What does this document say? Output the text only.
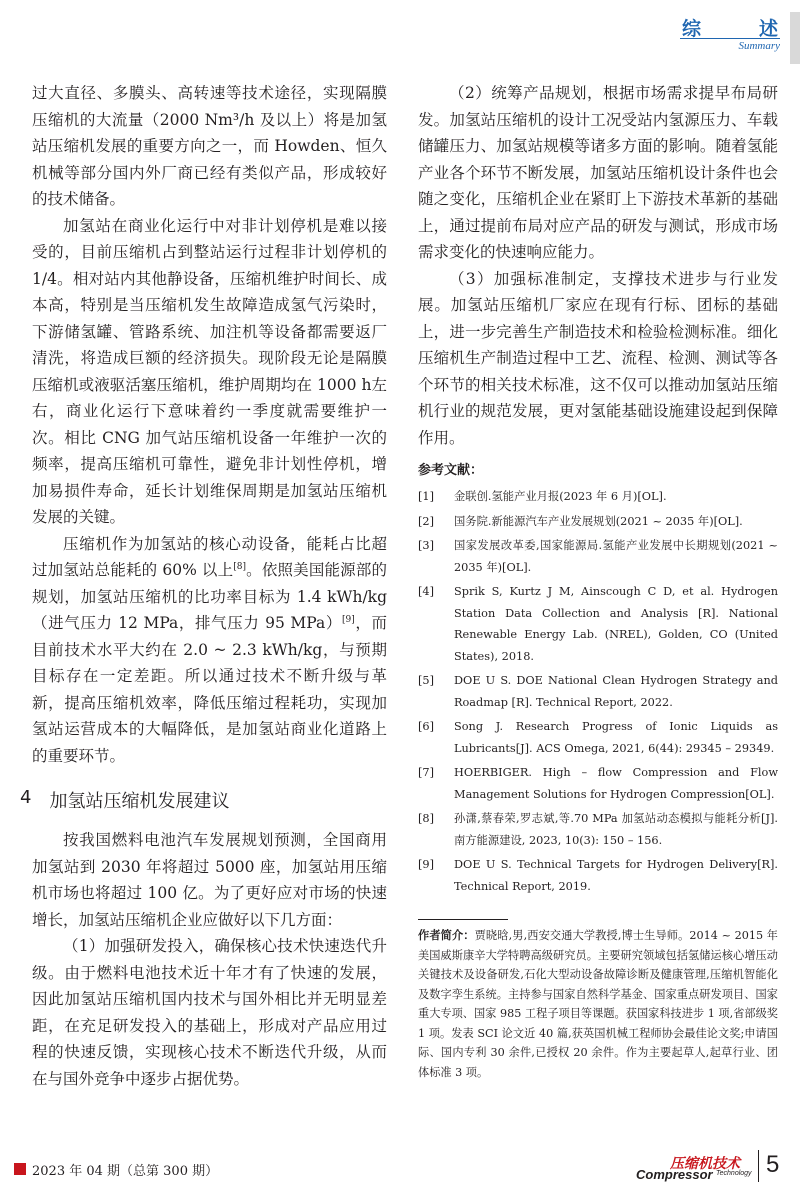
综	述
Summary

过大直径、多膜头、高转速等技术途径，实现隔膜压缩机的大流量（2000 Nm³/h 及以上）将是加氢站压缩机发展的重要方向之一，而 Howden、恒久机械等部分国内外厂商已经有类似产品，形成较好的技术储备。

加氢站在商业化运行中对非计划停机是难以接受的，目前压缩机占到整站运行过程非计划停机的 1/4。相对站内其他静设备，压缩机维护时间长、成本高，特别是当压缩机发生故障造成氢气污染时，下游储氢罐、管路系统、加注机等设备都需要返厂清洗，将造成巨额的经济损失。现阶段无论是隔膜压缩机或液驱活塞压缩机，维护周期均在 1000 h左右，商业化运行下意味着约一季度就需要维护一次。相比 CNG 加气站压缩机设备一年维护一次的频率，提高压缩机可靠性，避免非计划性停机，增加易损件寿命，延长计划维保周期是加氢站压缩机发展的关键。

压缩机作为加氢站的核心动设备，能耗占比超过加氢站总能耗的 60% 以上[8]。依照美国能源部的规划，加氢站压缩机的比功率目标为 1.4 kWh/kg（进气压力 12 MPa，排气压力 95 MPa）[9]，而目前技术水平大约在 2.0 ~ 2.3 kWh/kg，与预期目标存在一定差距。所以通过技术不断升级与革新，提高压缩机效率，降低压缩过程耗功，实现加氢站运营成本的大幅降低，是加氢站商业化道路上的重要环节。

4 加氢站压缩机发展建议

按我国燃料电池汽车发展规划预测，全国商用加氢站到 2030 年将超过 5000 座，加氢站用压缩机市场也将超过 100 亿。为了更好应对市场的快速增长，加氢站压缩机企业应做好以下几方面：

（1）加强研发投入，确保核心技术快速迭代升级。由于燃料电池技术近十年才有了快速的发展，因此加氢站压缩机国内技术与国外相比并无明显差距，在充足研发投入的基础上，形成对产品应用过程的快速反馈，实现核心技术不断迭代升级，从而在与国外竞争中逐步占据优势。

（2）统筹产品规划，根据市场需求提早布局研发。加氢站压缩机的设计工况受站内氢源压力、车载储罐压力、加氢站规模等诸多方面的影响。随着氢能产业各个环节不断发展，加氢站压缩机设计条件也会随之变化，压缩机企业在紧盯上下游技术革新的基础上，通过提前布局对应产品的研发与测试，形成市场需求变化的快速响应能力。

（3）加强标准制定，支撑技术进步与行业发展。加氢站压缩机厂家应在现有行标、团标的基础上，进一步完善生产制造技术和检验检测标准。细化压缩机生产制造过程中工艺、流程、检测、测试等各个环节的相关技术标准，这不仅可以推动加氢站压缩机行业的规范发展，更对氢能基础设施建设起到保障作用。

参考文献：
[1]	金联创.氢能产业月报(2023 年 6 月)[OL].
[2]	国务院.新能源汽车产业发展规划(2021 ~ 2035 年)[OL].
[3]	国家发展改革委,国家能源局.氢能产业发展中长期规划(2021 ~ 2035 年)[OL].
[4]	Sprik S, Kurtz J M, Ainscough C D, et al. Hydrogen Station Data Collection and Analysis [R]. National Renewable Energy Lab. (NREL), Golden, CO (United States), 2018.
[5]	DOE U S. DOE National Clean Hydrogen Strategy and Roadmap [R]. Technical Report, 2022.
[6]	Song J. Research Progress of Ionic Liquids as Lubricants[J]. ACS Omega, 2021, 6(44): 29345 – 29349.
[7]	HOERBIGER. High – flow Compression and Flow Management Solutions for Hydrogen Compression[OL].
[8]	孙潇,蔡春荣,罗志斌,等.70 MPa 加氢站动态模拟与能耗分析[J].南方能源建设, 2023, 10(3): 150 – 156.
[9]	DOE U S. Technical Targets for Hydrogen Delivery[R]. Technical Report, 2019.
作者简介：贾晓晗,男,西安交通大学教授,博士生导师。2014 ~ 2015 年美国威斯康辛大学特聘高级研究员。主要研究领域包括氢储运核心增压动关键技术及设备研发,石化大型动设备故障诊断及健康管理,压缩机智能化及数字孪生系统。主持参与国家自然科学基金、国家重点研发项目、国家重大专项、国家 985 工程子项目等课题。获国家科技进步 1 项,省部级奖 1 项。发表 SCI 论文近 40 篇,获英国机械工程师协会最佳论文奖;申请国际、国内专利 30 余件,已授权 20 余件。作为主要起草人,起草行业、团体标准 3 项。
2023 年 04 期（总第 300 期）	压缩机技术
Compressor Technology 5
